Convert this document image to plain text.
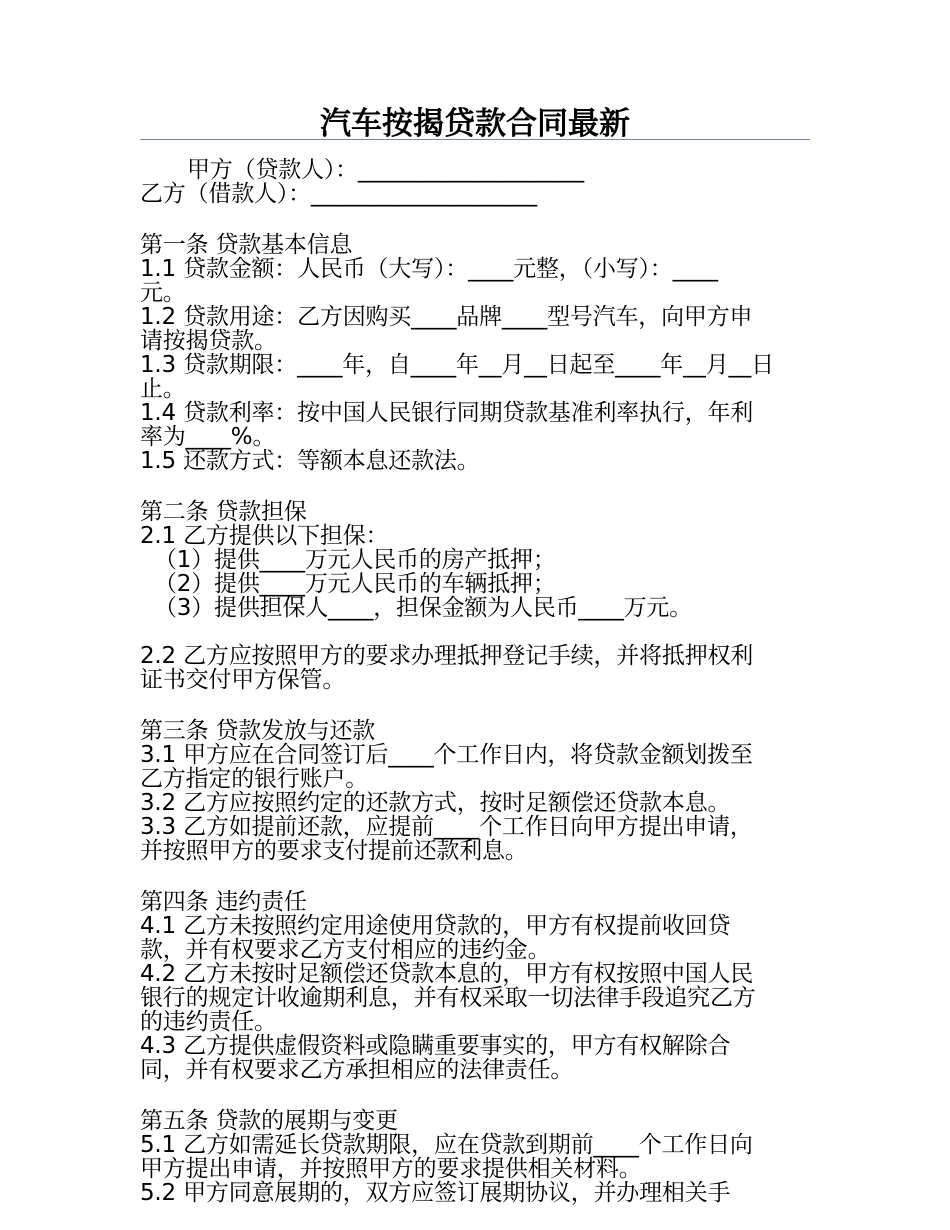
汽车按揭贷款合同最新
甲方（贷款人）：____________________
乙方（借款人）：____________________
第一条 贷款基本信息
1.1 贷款金额：人民币（大写）：____元整，（小写）：____
元。
1.2 贷款用途：乙方因购买____品牌____型号汽车，向甲方申
请按揭贷款。
1.3 贷款期限：____年，自____年__月__日起至____年__月__日
止。
1.4 贷款利率：按中国人民银行同期贷款基准利率执行，年利
率为____%。
1.5 还款方式：等额本息还款法。
第二条 贷款担保
2.1 乙方提供以下担保：
（1）提供____万元人民币的房产抵押；
（2）提供____万元人民币的车辆抵押；
（3）提供担保人____，担保金额为人民币____万元。
2.2 乙方应按照甲方的要求办理抵押登记手续，并将抵押权利
证书交付甲方保管。
第三条 贷款发放与还款
3.1 甲方应在合同签订后____个工作日内，将贷款金额划拨至
乙方指定的银行账户。
3.2 乙方应按照约定的还款方式，按时足额偿还贷款本息。
3.3 乙方如提前还款，应提前____个工作日向甲方提出申请，
并按照甲方的要求支付提前还款利息。
第四条 违约责任
4.1 乙方未按照约定用途使用贷款的，甲方有权提前收回贷
款，并有权要求乙方支付相应的违约金。
4.2 乙方未按时足额偿还贷款本息的，甲方有权按照中国人民
银行的规定计收逾期利息，并有权采取一切法律手段追究乙方
的违约责任。
4.3 乙方提供虚假资料或隐瞒重要事实的，甲方有权解除合
同，并有权要求乙方承担相应的法律责任。
第五条 贷款的展期与变更
5.1 乙方如需延长贷款期限，应在贷款到期前____个工作日向
甲方提出申请，并按照甲方的要求提供相关材料。
5.2 甲方同意展期的，双方应签订展期协议，并办理相关手
